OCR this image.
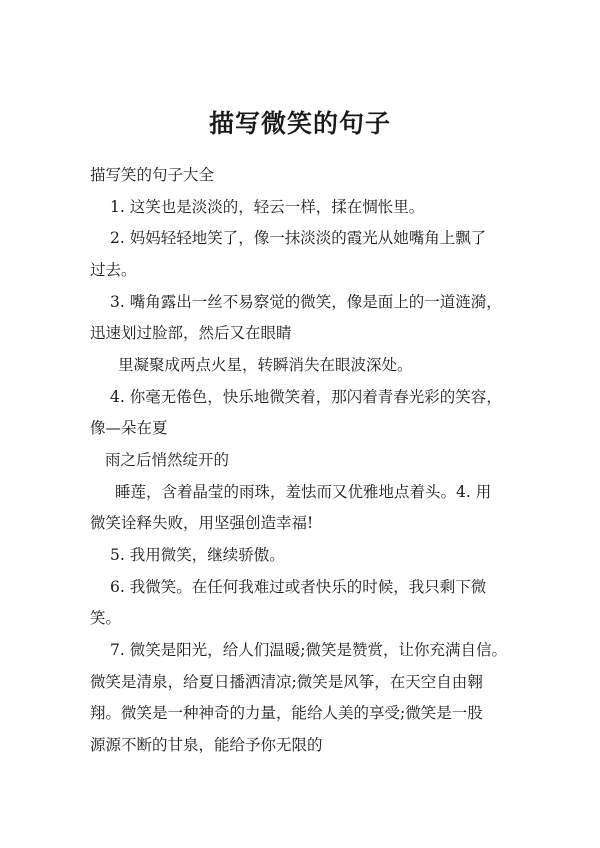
描写微笑的句子
描写笑的句子大全
1. 这笑也是淡淡的，轻云一样，揉在惆怅里。
2. 妈妈轻轻地笑了，像一抹淡淡的霞光从她嘴角上飘了
过去。
3. 嘴角露出一丝不易察觉的微笑，像是面上的一道涟漪，
迅速划过脸部，然后又在眼睛
里凝聚成两点火星，转瞬消失在眼波深处。
4. 你毫无倦色，快乐地微笑着，那闪着青春光彩的笑容，
像—朵在夏
雨之后悄然绽开的
睡莲，含着晶莹的雨珠，羞怯而又优雅地点着头。4. 用
微笑诠释失败，用坚强创造幸福!
5. 我用微笑，继续骄傲。
6. 我微笑。在任何我难过或者快乐的时候，我只剩下微
笑。
7. 微笑是阳光，给人们温暖;微笑是赞赏，让你充满自信。
微笑是清泉，给夏日播洒清凉;微笑是风筝，在天空自由翱
翔。微笑是一种神奇的力量，能给人美的享受;微笑是一股
源源不断的甘泉，能给予你无限的
